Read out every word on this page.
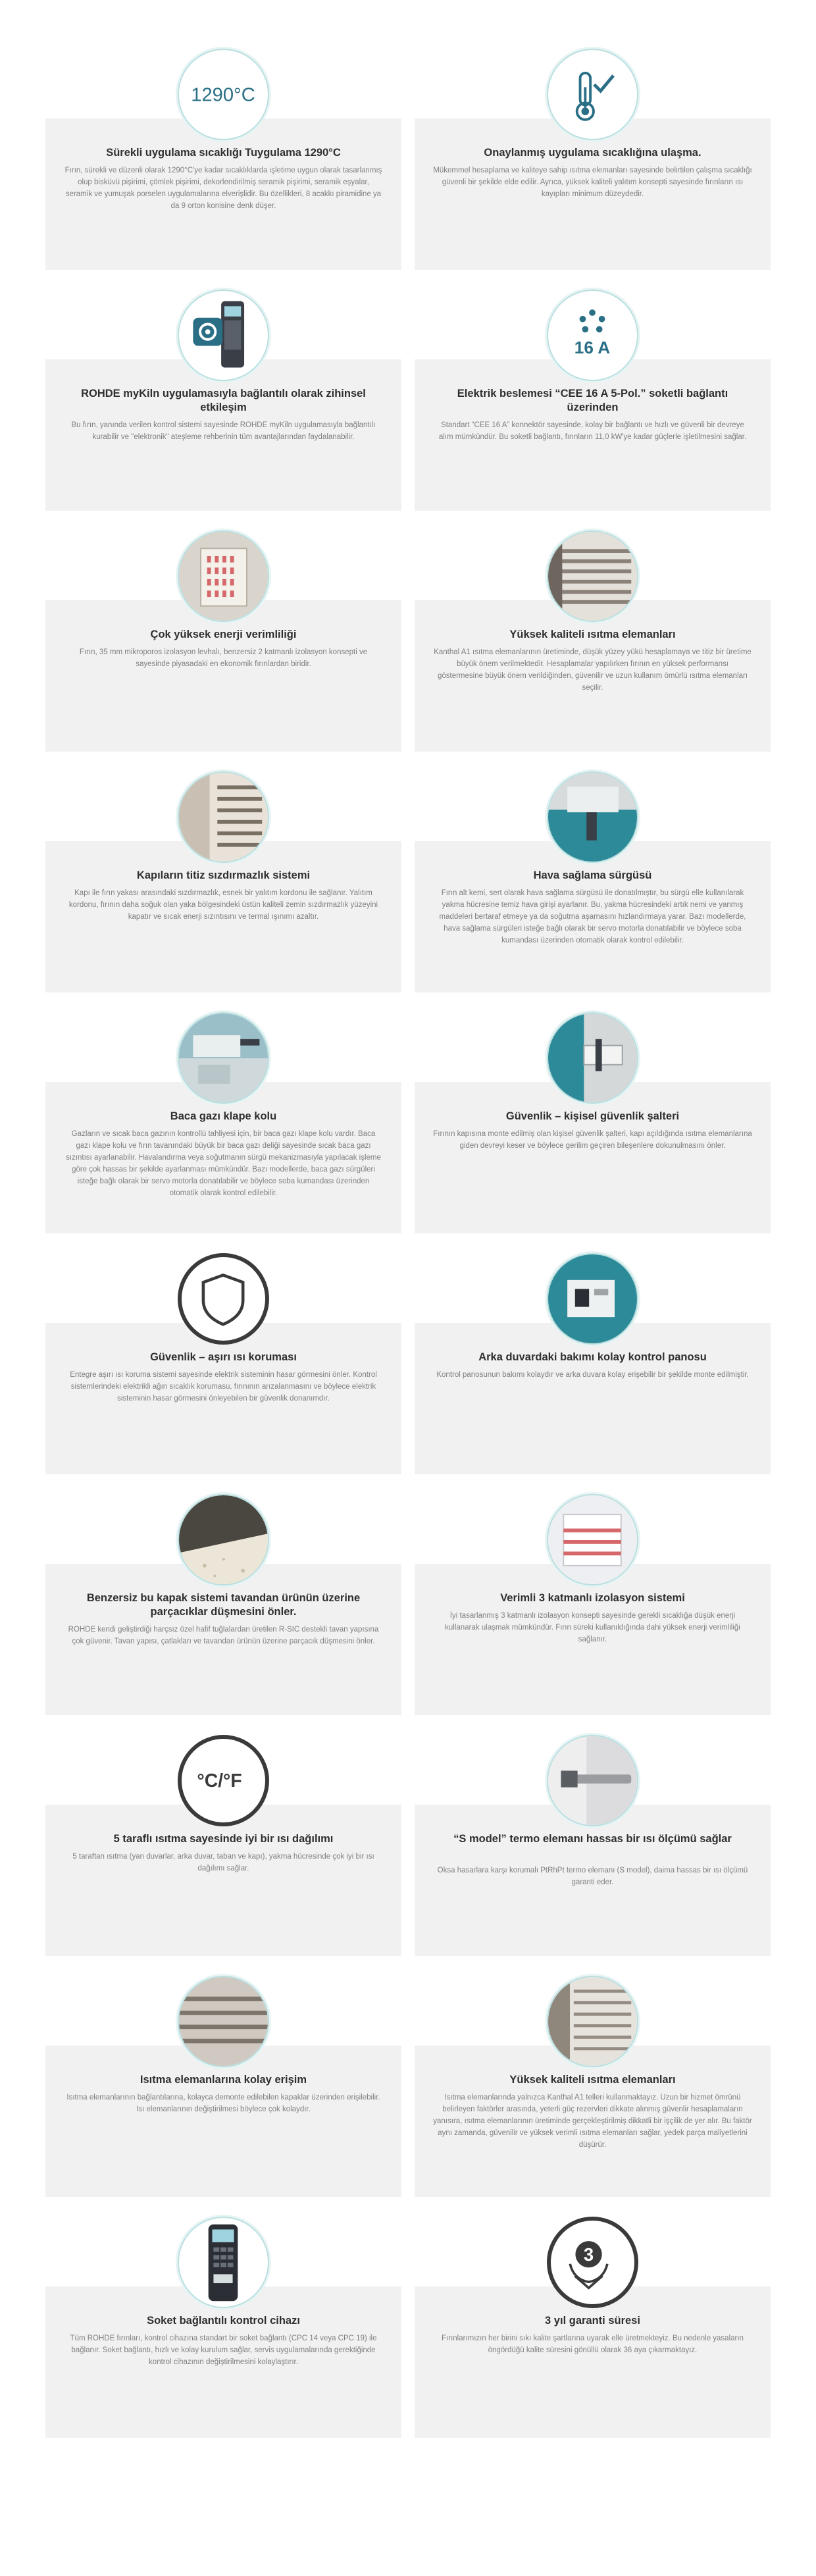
1290°C
Sürekli uygulama sıcaklığı Tuygulama 1290°C
Fırın, sürekli ve düzenli olarak 1290°C'ye kadar sıcaklıklarda işletime uygun olarak tasarlanmış olup bisküvü pişirimi, çömlek pişirimi, dekorlendirilmiş seramik pişirimi, seramik eşyalar, seramik ve yumuşak porselen uygulamalarına elverişlidir. Bu özellikleri, 8 acakkı piramidine ya da 9 orton konisine denk düşer.
Onaylanmış uygulama sıcaklığına ulaşma.
Mükemmel hesaplama ve kaliteye sahip ısıtma elemanları sayesinde belirtilen çalışma sıcaklığı güvenli bir şekilde elde edilir. Ayrıca, yüksek kaliteli yalıtım konsepti sayesinde fırınların ısı kayıpları minimum düzeydedir.
ROHDE myKiln uygulamasıyla bağlantılı olarak zihinsel etkileşim
Bu fırın, yanında verilen kontrol sistemi sayesinde ROHDE myKiln uygulamasıyla bağlantılı kurabilir ve "elektronik" ateşleme rehberinin tüm avantajlarından faydalanabilir.
16 A
Elektrik beslemesi “CEE 16 A 5-Pol.” soketli bağlantı üzerinden
Standart “CEE 16 A” konnektör sayesinde, kolay bir bağlantı ve hızlı ve güvenli bir devreye alım mümkündür. Bu soketli bağlantı, fırınların 11,0 kW'ye kadar güçlerle işletilmesini sağlar.
Çok yüksek enerji verimliliği
Fırın, 35 mm mikroporos izolasyon levhalı, benzersiz 2 katmanlı izolasyon konsepti ve sayesinde piyasadaki en ekonomik fırınlardan biridir.
Yüksek kaliteli ısıtma elemanları
Kanthal A1 ısıtma elemanlarının üretiminde, düşük yüzey yükü hesaplamaya ve titiz bir üretime büyük önem verilmektedir. Hesaplamalar yapılırken fırının en yüksek performansı göstermesine büyük önem verildiğinden, güvenilir ve uzun kullanım ömürlü ısıtma elemanları seçilir.
Kapıların titiz sızdırmazlık sistemi
Kapı ile fırın yakası arasındaki sızdırmazlık, esnek bir yalıtım kordonu ile sağlanır. Yalıtım kordonu, fırının daha soğuk olan yaka bölgesindeki üstün kaliteli zemin sızdırmazlık yüzeyini kapatır ve sıcak enerji sızıntısını ve termal ışınımı azaltır.
Hava sağlama sürgüsü
Fırın alt kemi, sert olarak hava sağlama sürgüsü ile donatılmıştır, bu sürgü elle kullanılarak yakma hücresine temiz hava girişi ayarlanır. Bu, yakma hücresindeki artık nemi ve yanmış maddeleri bertaraf etmeye ya da soğutma aşamasını hızlandırmaya yarar. Bazı modellerde, hava sağlama sürgüleri isteğe bağlı olarak bir servo motorla donatılabilir ve böylece soba kumandası üzerinden otomatik olarak kontrol edilebilir.
Baca gazı klape kolu
Gazların ve sıcak baca gazının kontrollü tahliyesi için, bir baca gazı klape kolu vardır. Baca gazı klape kolu ve fırın tavanındaki büyük bir baca gazı deliği sayesinde sıcak baca gazı sızıntısı ayarlanabilir. Havalandırma veya soğutmanın sürgü mekanizmasıyla yapılacak işleme göre çok hassas bir şekilde ayarlanması mümkündür. Bazı modellerde, baca gazı sürgüleri isteğe bağlı olarak bir servo motorla donatılabilir ve böylece soba kumandası üzerinden otomatik olarak kontrol edilebilir.
Güvenlik – kişisel güvenlik şalteri
Fırının kapısına monte edilmiş olan kişisel güvenlik şalteri, kapı açıldığında ısıtma elemanlarına giden devreyi keser ve böylece gerilim geçiren bileşenlere dokunulmasını önler.
Güvenlik – aşırı ısı koruması
Entegre aşırı ısı koruma sistemi sayesinde elektrik sisteminin hasar görmesini önler. Kontrol sistemlerindeki elektrikli ağın sıcaklık korumasu, fırınının arızalanmasını ve böylece elektrik sisteminin hasar görmesini önleyebilen bir güvenlik donanımdır.
Arka duvardaki bakımı kolay kontrol panosu
Kontrol panosunun bakımı kolaydır ve arka duvara kolay erişebilir bir şekilde monte edilmiştir.
Benzersiz bu kapak sistemi tavandan ürünün üzerine parçacıklar düşmesini önler.
ROHDE kendi geliştirdiği harçsız özel hafif tuğlalardan üretilen R-SIC destekli tavan yapısına çok güvenir. Tavan yapısı, çatlakları ve tavandan ürünün üzerine parçacık düşmesini önler.
Verimli 3 katmanlı izolasyon sistemi
İyi tasarlanmış 3 katmanlı izolasyon konsepti sayesinde gerekli sıcaklığa düşük enerji kullanarak ulaşmak mümkündür. Fırın süreki kullanıldığında dahi yüksek enerji verimliliği sağlanır.
°C/°F
5 taraflı ısıtma sayesinde iyi bir ısı dağılımı
5 taraftan ısıtma (yan duvarlar, arka duvar, taban ve kapı), yakma hücresinde çok iyi bir ısı dağılımı sağlar.
“S model” termo elemanı hassas bir ısı ölçümü sağlar
Oksa hasarlara karşı korumalı PtRhPt termo elemanı (S model), daima hassas bir ısı ölçümü garanti eder.
Isıtma elemanlarına kolay erişim
Isıtma elemanlarının bağlantılarına, kolayca demonte edilebilen kapaklar üzerinden erişilebilir. Isı elemanlarının değiştirilmesi böylece çok kolaydır.
Yüksek kaliteli ısıtma elemanları
Isıtma elemanlarında yalnızca Kanthal A1 telleri kullanmaktayız. Uzun bir hizmet ömrünü belirleyen faktörler arasında, yeterli güç rezervleri dikkate alınmış güvenlir hesaplamaların yanısıra, ısıtma elemanlarının üretiminde gerçekleştirilmiş dikkatli bir işçilik de yer alır. Bu faktör aynı zamanda, güvenilir ve yüksek verimli ısıtma elemanları sağlar, yedek parça maliyetlerini düşürür.
Soket bağlantılı kontrol cihazı
Tüm ROHDE fırınları, kontrol cihazına standart bir soket bağlantı (CPC 14 veya CPC 19) ile bağlanır. Soket bağlantı, hızlı ve kolay kurulum sağlar, servis uygulamalarında gerektiğinde kontrol cihazının değiştirilmesini kolaylaştırır.
3
3 yıl garanti süresi
Fırınlarımızın her birini sıkı kalite şartlarına uyarak elle üretmekteyiz. Bu nedenle yasaların öngördüğü kalite süresini gönüllü olarak 36 aya çıkarmaktayız.
